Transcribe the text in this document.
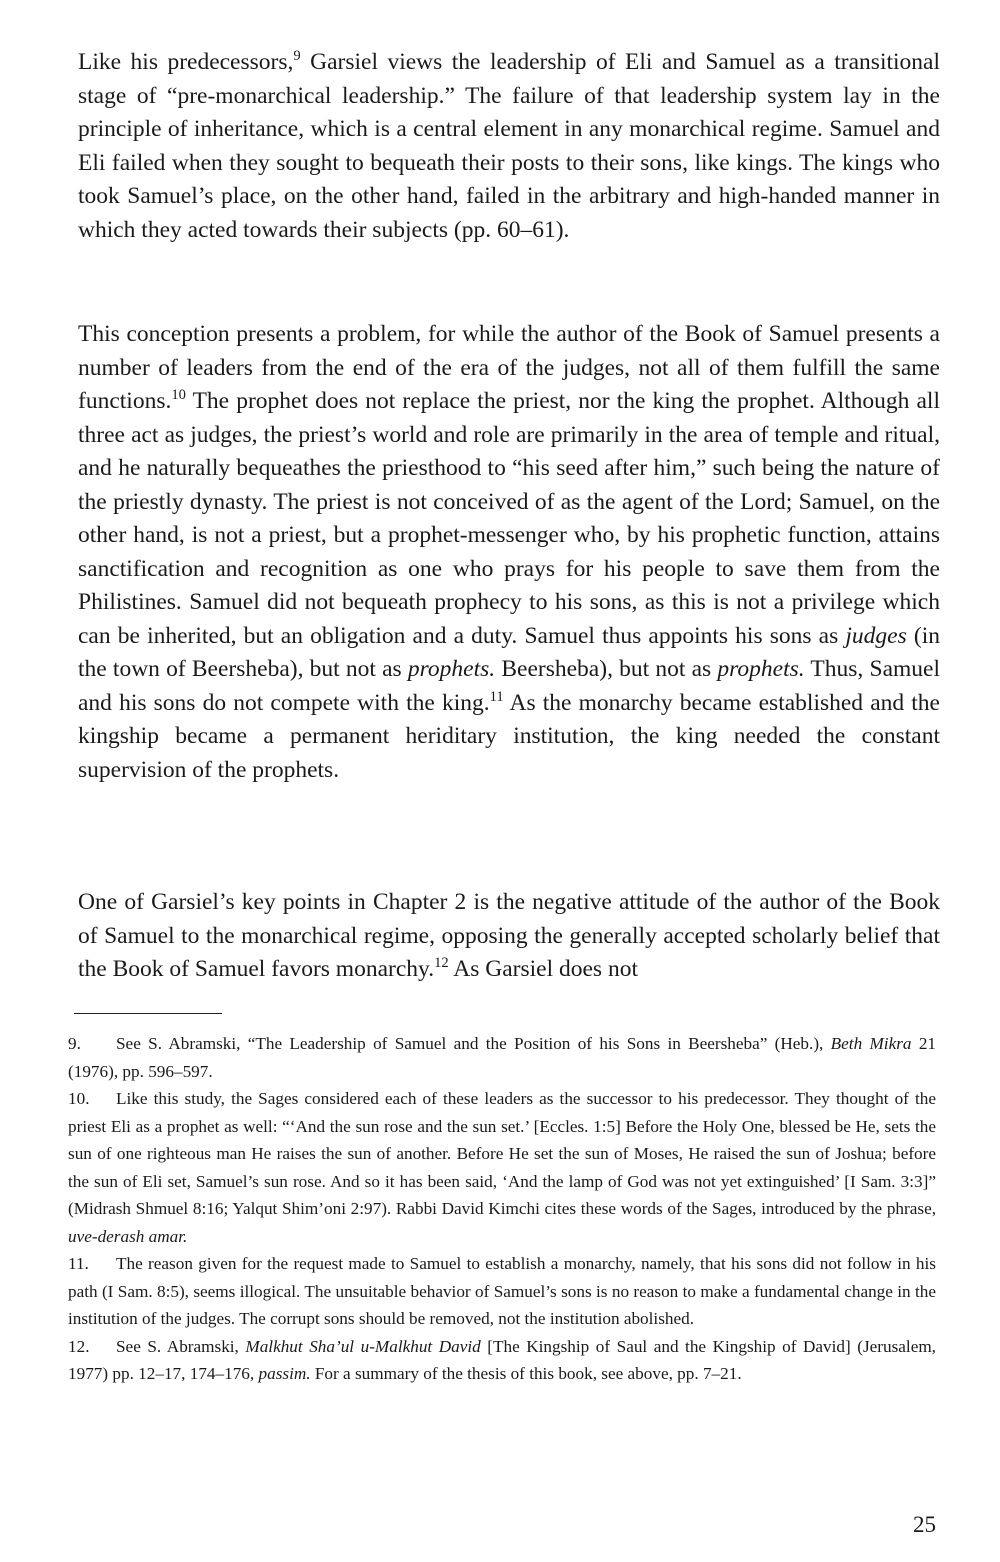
Like his predecessors,$^9$ Garsiel views the leadership of Eli and Samuel as a transitional stage of “pre-monarchical leadership.” The failure of that leadership system lay in the principle of inheritance, which is a central element in any monarchical regime. Samuel and Eli failed when they sought to bequeath their posts to their sons, like kings. The kings who took Samuel’s place, on the other hand, failed in the arbitrary and high-handed manner in which they acted towards their subjects (pp. 60–61).

This conception presents a problem, for while the author of the Book of Samuel presents a number of leaders from the end of the era of the judges, not all of them fulfill the same functions.$^{10}$ The prophet does not replace the priest, nor the king the prophet. Although all three act as judges, the priest’s world and role are primarily in the area of temple and ritual, and he naturally bequeathes the priesthood to “his seed after him,” such being the nature of the priestly dynasty. The priest is not conceived of as the agent of the Lord; Samuel, on the other hand, is not a priest, but a prophet-messenger who, by his prophetic function, attains sanctification and recognition as one who prays for his people to save them from the Philistines. Samuel did not bequeath prophecy to his sons, as this is not a privilege which can be inherited, but an obligation and a duty. Samuel thus appoints his sons as judges (in the town of Beersheba), but not as prophets. Beersheba), but not as prophets. Thus, Samuel and his sons do not compete with the king.$^{11}$ As the monarchy became established and the kingship became a permanent heriditary institution, the king needed the constant supervision of the prophets.

One of Garsiel’s key points in Chapter 2 is the negative attitude of the author of the Book of Samuel to the monarchical regime, opposing the generally accepted scholarly belief that the Book of Samuel favors monarchy.$^{12}$ As Garsiel does not

9. See S. Abramski, “The Leadership of Samuel and the Position of his Sons in Beersheba” (Heb.), Beth Mikra 21 (1976), pp. 596–597.

10. Like this study, the Sages considered each of these leaders as the successor to his predecessor. They thought of the priest Eli as a prophet as well: “‘And the sun rose and the sun set.’ [Eccles. 1:5] Before the Holy One, blessed be He, sets the sun of one righteous man He raises the sun of another. Before He set the sun of Moses, He raised the sun of Joshua; before the sun of Eli set, Samuel’s sun rose. And so it has been said, ‘And the lamp of God was not yet extinguished’ [I Sam. 3:3]” (Midrash Shmuel 8:16; Yalqut Shim’oni 2:97). Rabbi David Kimchi cites these words of the Sages, introduced by the phrase, uve-derash amar.

11. The reason given for the request made to Samuel to establish a monarchy, namely, that his sons did not follow in his path (I Sam. 8:5), seems illogical. The unsuitable behavior of Samuel’s sons is no reason to make a fundamental change in the institution of the judges. The corrupt sons should be removed, not the institution abolished.

12. See S. Abramski, Malkhut Sha’ul u-Malkhut David [The Kingship of Saul and the Kingship of David] (Jerusalem, 1977) pp. 12–17, 174–176, passim. For a summary of the thesis of this book, see above, pp. 7–21.

25
